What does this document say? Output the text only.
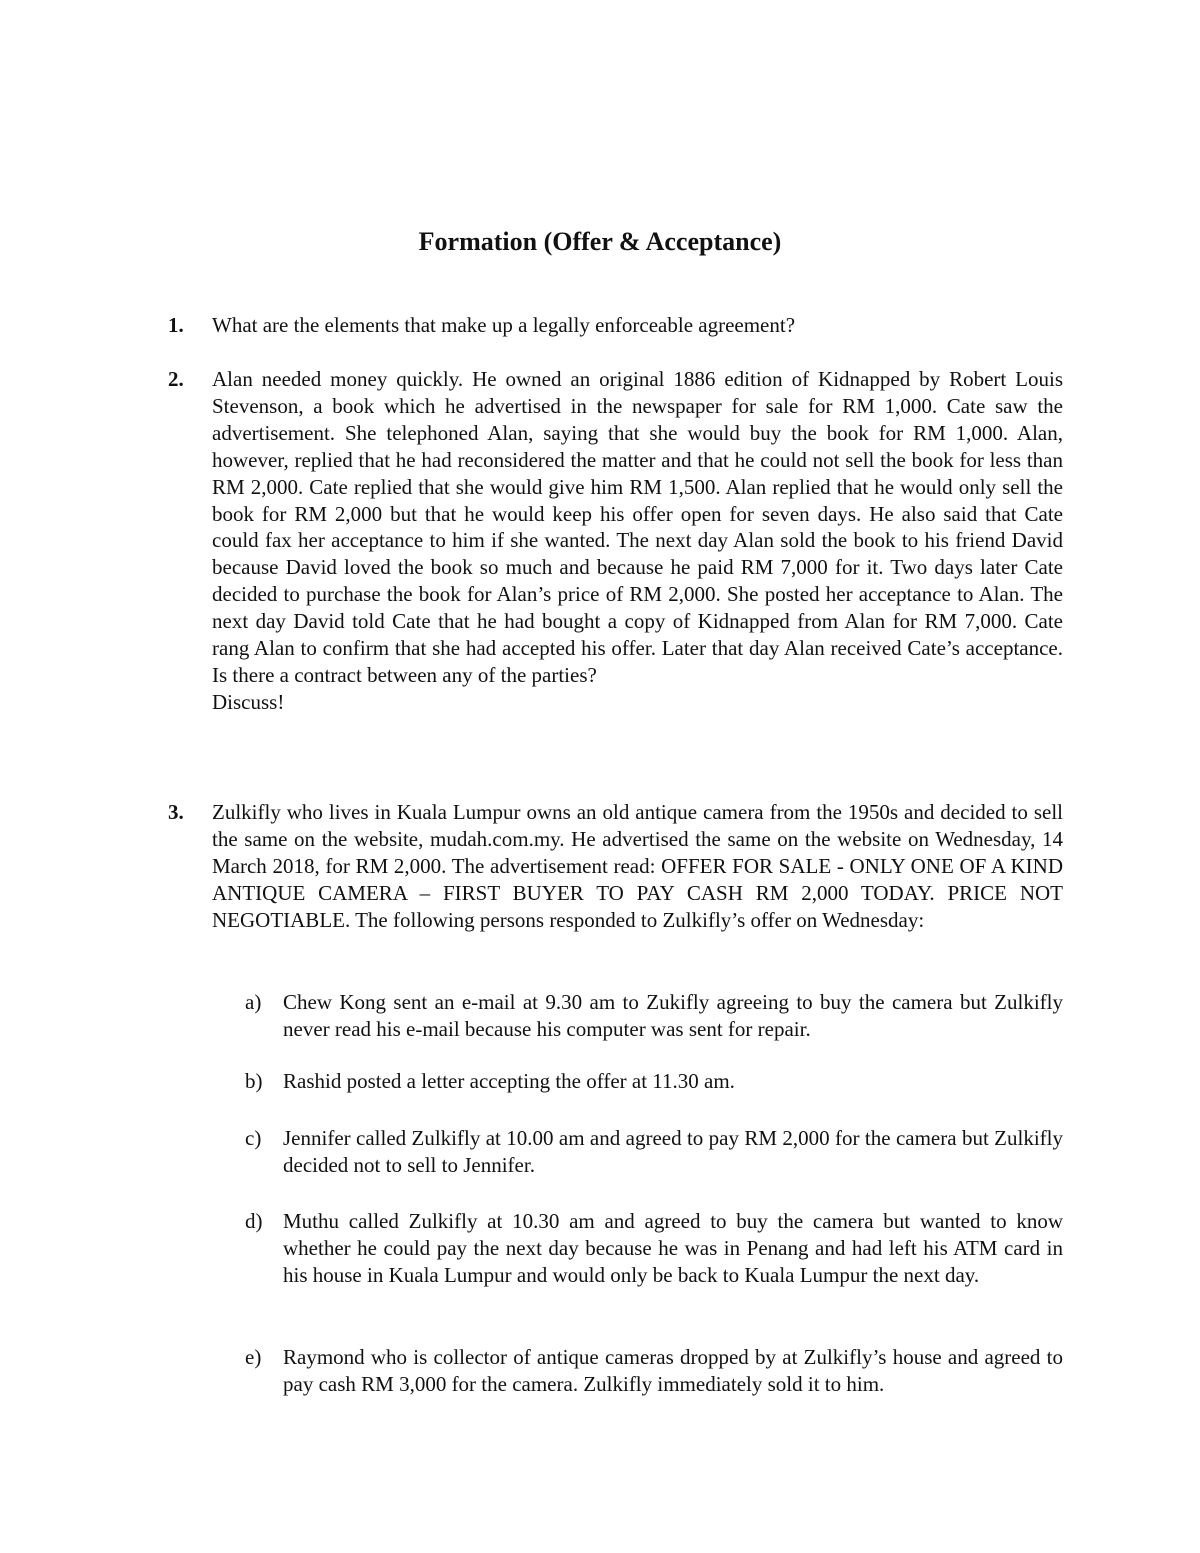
Formation (Offer & Acceptance)
1. What are the elements that make up a legally enforceable agreement?
2. Alan needed money quickly. He owned an original 1886 edition of Kidnapped by Robert Louis Stevenson, a book which he advertised in the newspaper for sale for RM 1,000. Cate saw the advertisement. She telephoned Alan, saying that she would buy the book for RM 1,000. Alan, however, replied that he had reconsidered the matter and that he could not sell the book for less than RM 2,000. Cate replied that she would give him RM 1,500. Alan replied that he would only sell the book for RM 2,000 but that he would keep his offer open for seven days. He also said that Cate could fax her acceptance to him if she wanted. The next day Alan sold the book to his friend David because David loved the book so much and because he paid RM 7,000 for it. Two days later Cate decided to purchase the book for Alan’s price of RM 2,000. She posted her acceptance to Alan. The next day David told Cate that he had bought a copy of Kidnapped from Alan for RM 7,000. Cate rang Alan to confirm that she had accepted his offer. Later that day Alan received Cate’s acceptance. Is there a contract between any of the parties?

Discuss!

3. Zulkifly who lives in Kuala Lumpur owns an old antique camera from the 1950s and decided to sell the same on the website, mudah.com.my. He advertised the same on the website on Wednesday, 14 March 2018, for RM 2,000. The advertisement read: OFFER FOR SALE - ONLY ONE OF A KIND ANTIQUE CAMERA – FIRST BUYER TO PAY CASH RM 2,000 TODAY. PRICE NOT NEGOTIABLE. The following persons responded to Zulkifly’s offer on Wednesday:
a) Chew Kong sent an e-mail at 9.30 am to Zukifly agreeing to buy the camera but Zulkifly never read his e-mail because his computer was sent for repair.
b) Rashid posted a letter accepting the offer at 11.30 am.
c) Jennifer called Zulkifly at 10.00 am and agreed to pay RM 2,000 for the camera but Zulkifly decided not to sell to Jennifer.
d) Muthu called Zulkifly at 10.30 am and agreed to buy the camera but wanted to know whether he could pay the next day because he was in Penang and had left his ATM card in his house in Kuala Lumpur and would only be back to Kuala Lumpur the next day.
e) Raymond who is collector of antique cameras dropped by at Zulkifly’s house and agreed to pay cash RM 3,000 for the camera. Zulkifly immediately sold it to him.
